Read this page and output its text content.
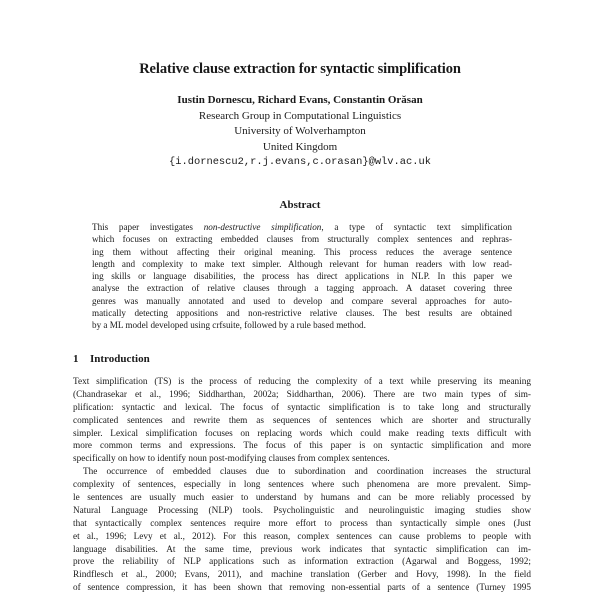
Relative clause extraction for syntactic simplification
Iustin Dornescu, Richard Evans, Constantin Orăsan
Research Group in Computational Linguistics
University of Wolverhampton
United Kingdom
{i.dornescu2,r.j.evans,c.orasan}@wlv.ac.uk
Abstract
This paper investigates non-destructive simplification, a type of syntactic text simplification
which focuses on extracting embedded clauses from structurally complex sentences and rephras-
ing them without affecting their original meaning. This process reduces the average sentence
length and complexity to make text simpler. Although relevant for human readers with low read-
ing skills or language disabilities, the process has direct applications in NLP. In this paper we
analyse the extraction of relative clauses through a tagging approach. A dataset covering three
genres was manually annotated and used to develop and compare several approaches for auto-
matically detecting appositions and non-restrictive relative clauses. The best results are obtained
by a ML model developed using crfsuite, followed by a rule based method.
1 Introduction
Text simplification (TS) is the process of reducing the complexity of a text while preserving its meaning
(Chandrasekar et al., 1996; Siddharthan, 2002a; Siddharthan, 2006). There are two main types of sim-
plification: syntactic and lexical. The focus of syntactic simplification is to take long and structurally
complicated sentences and rewrite them as sequences of sentences which are shorter and structurally
simpler. Lexical simplification focuses on replacing words which could make reading texts difficult with
more common terms and expressions. The focus of this paper is on syntactic simplification and more
specifically on how to identify noun post-modifying clauses from complex sentences.
The occurrence of embedded clauses due to subordination and coordination increases the structural
complexity of sentences, especially in long sentences where such phenomena are more prevalent. Simp-
le sentences are usually much easier to understand by humans and can be more reliably processed by
Natural Language Processing (NLP) tools. Psycholinguistic and neurolinguistic imaging studies show
that syntactically complex sentences require more effort to process than syntactically simple ones (Just
et al., 1996; Levy et al., 2012). For this reason, complex sentences can cause problems to people with
language disabilities. At the same time, previous work indicates that syntactic simplification can im-
prove the reliability of NLP applications such as information extraction (Agarwal and Boggess, 1992;
Rindflesch et al., 2000; Evans, 2011), and machine translation (Gerber and Hovy, 1998). In the field
of sentence compression, it has been shown that removing non-essential parts of a sentence (Turney 1995
